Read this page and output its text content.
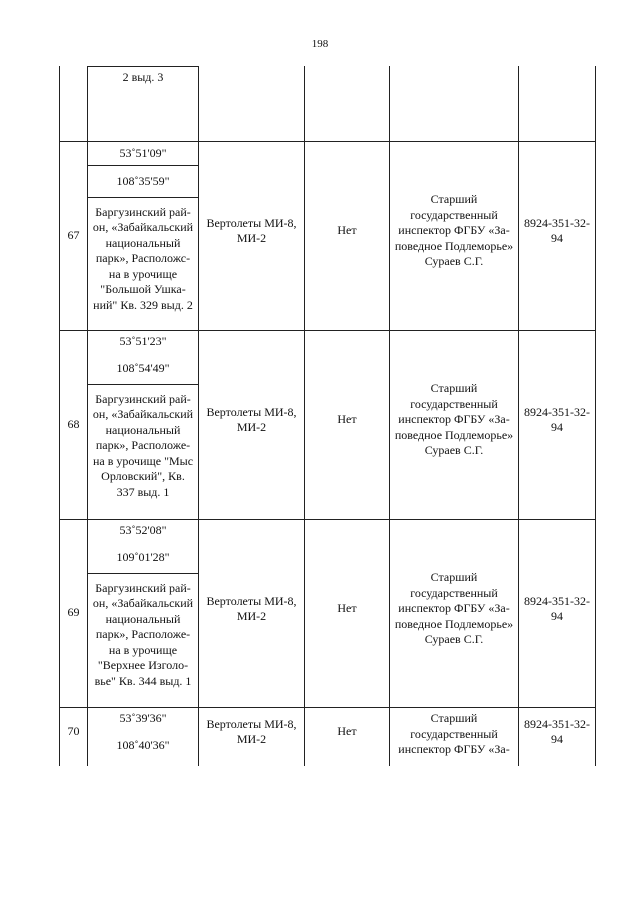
198
2 выд. 3
67
53˚51'09"
108˚35'59"
Баргузинский рай-
он, «Забайкальский
национальный
парк», Расположс-
на в урочище
"Большой Ушка-
ний" Кв. 329 выд. 2
Вертолеты МИ-8,
МИ-2
Нет
Старший
государственный
инспектор ФГБУ «За-
поведное Подлеморье»
Сураев С.Г.
8924-351-32-
94
68
53˚51'23"
108˚54'49"
Баргузинский рай-
он, «Забайкальский
национальный
парк», Расположе-
на в урочище "Мыс
Орловский", Кв.
337 выд. 1
Вертолеты МИ-8,
МИ-2
Нет
Старший
государственный
инспектор ФГБУ «За-
поведное Подлеморье»
Сураев С.Г.
8924-351-32-
94
69
53˚52'08"
109˚01'28"
Баргузинский рай-
он, «Забайкальский
национальный
парк», Расположе-
на в урочище
"Верхнее Изголо-
вье" Кв. 344 выд. 1
Вертолеты МИ-8,
МИ-2
Нет
Старший
государственный
инспектор ФГБУ «За-
поведное Подлеморье»
Сураев С.Г.
8924-351-32-
94
70
53˚39'36"
108˚40'36"
Вертолеты МИ-8,
МИ-2
Нет
Старший
государственный
инспектор ФГБУ «За-
8924-351-32-
94
